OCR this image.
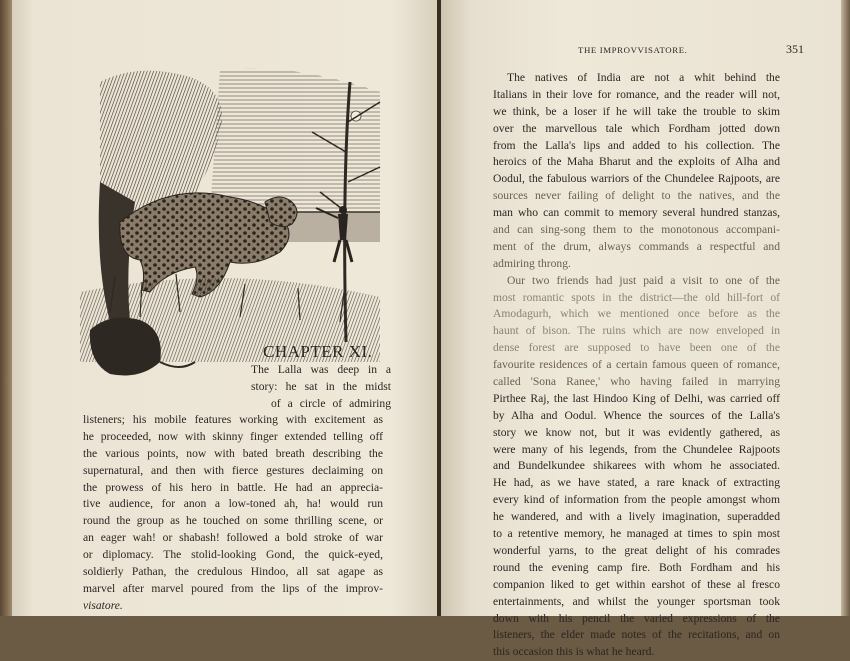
CHAPTER XI.
The Lalla was deep in a
story: he sat in the midst
of a circle of admiring
listeners; his mobile features working with excitement as
he proceeded, now with skinny finger extended telling off
the various points, now with bated breath describing the
supernatural, and then with fierce gestures declaiming on
the prowess of his hero in battle. He had an apprecia-
tive audience, for anon a low-toned ah, ha! would run
round the group as he touched on some thrilling scene, or
an eager wah! or shabash! followed a bold stroke of war
or diplomacy. The stolid-looking Gond, the quick-eyed,
soldierly Pathan, the credulous Hindoo, all sat agape as
marvel after marvel poured from the lips of the improv-
visatore.
THE IMPROVVISATORE.	351
The natives of India are not a whit behind the
Italians in their love for romance, and the reader will not,
we think, be a loser if he will take the trouble to skim
over the marvellous tale which Fordham jotted down
from the Lalla's lips and added to his collection. The
heroics of the Maha Bharut and the exploits of Alha and
Oodul, the fabulous warriors of the Chundelee Rajpoots, are
sources never failing of delight to the natives, and the
man who can commit to memory several hundred stanzas,
and can sing-song them to the monotonous accompani-
ment of the drum, always commands a respectful and
admiring throng.
Our two friends had just paid a visit to one of the
most romantic spots in the district—the old hill-fort of
Amodagurh, which we mentioned once before as the
haunt of bison. The ruins which are now enveloped in
dense forest are supposed to have been one of the
favourite residences of a certain famous queen of romance,
called 'Sona Ranee,' who having failed in marrying
Pirthee Raj, the last Hindoo King of Delhi, was carried off
by Alha and Oodul. Whence the sources of the Lalla's
story we know not, but it was evidently gathered, as
were many of his legends, from the Chundelee Rajpoots
and Bundelkundee shikarees with whom he associated.
He had, as we have stated, a rare knack of extracting
every kind of information from the people amongst whom
he wandered, and with a lively imagination, superadded
to a retentive memory, he managed at times to spin most
wonderful yarns, to the great delight of his comrades
round the evening camp fire. Both Fordham and his
companion liked to get within earshot of these al fresco
entertainments, and whilst the younger sportsman took
down with his pencil the varied expressions of the
listeners, the elder made notes of the recitations, and on
this occasion this is what he heard.
